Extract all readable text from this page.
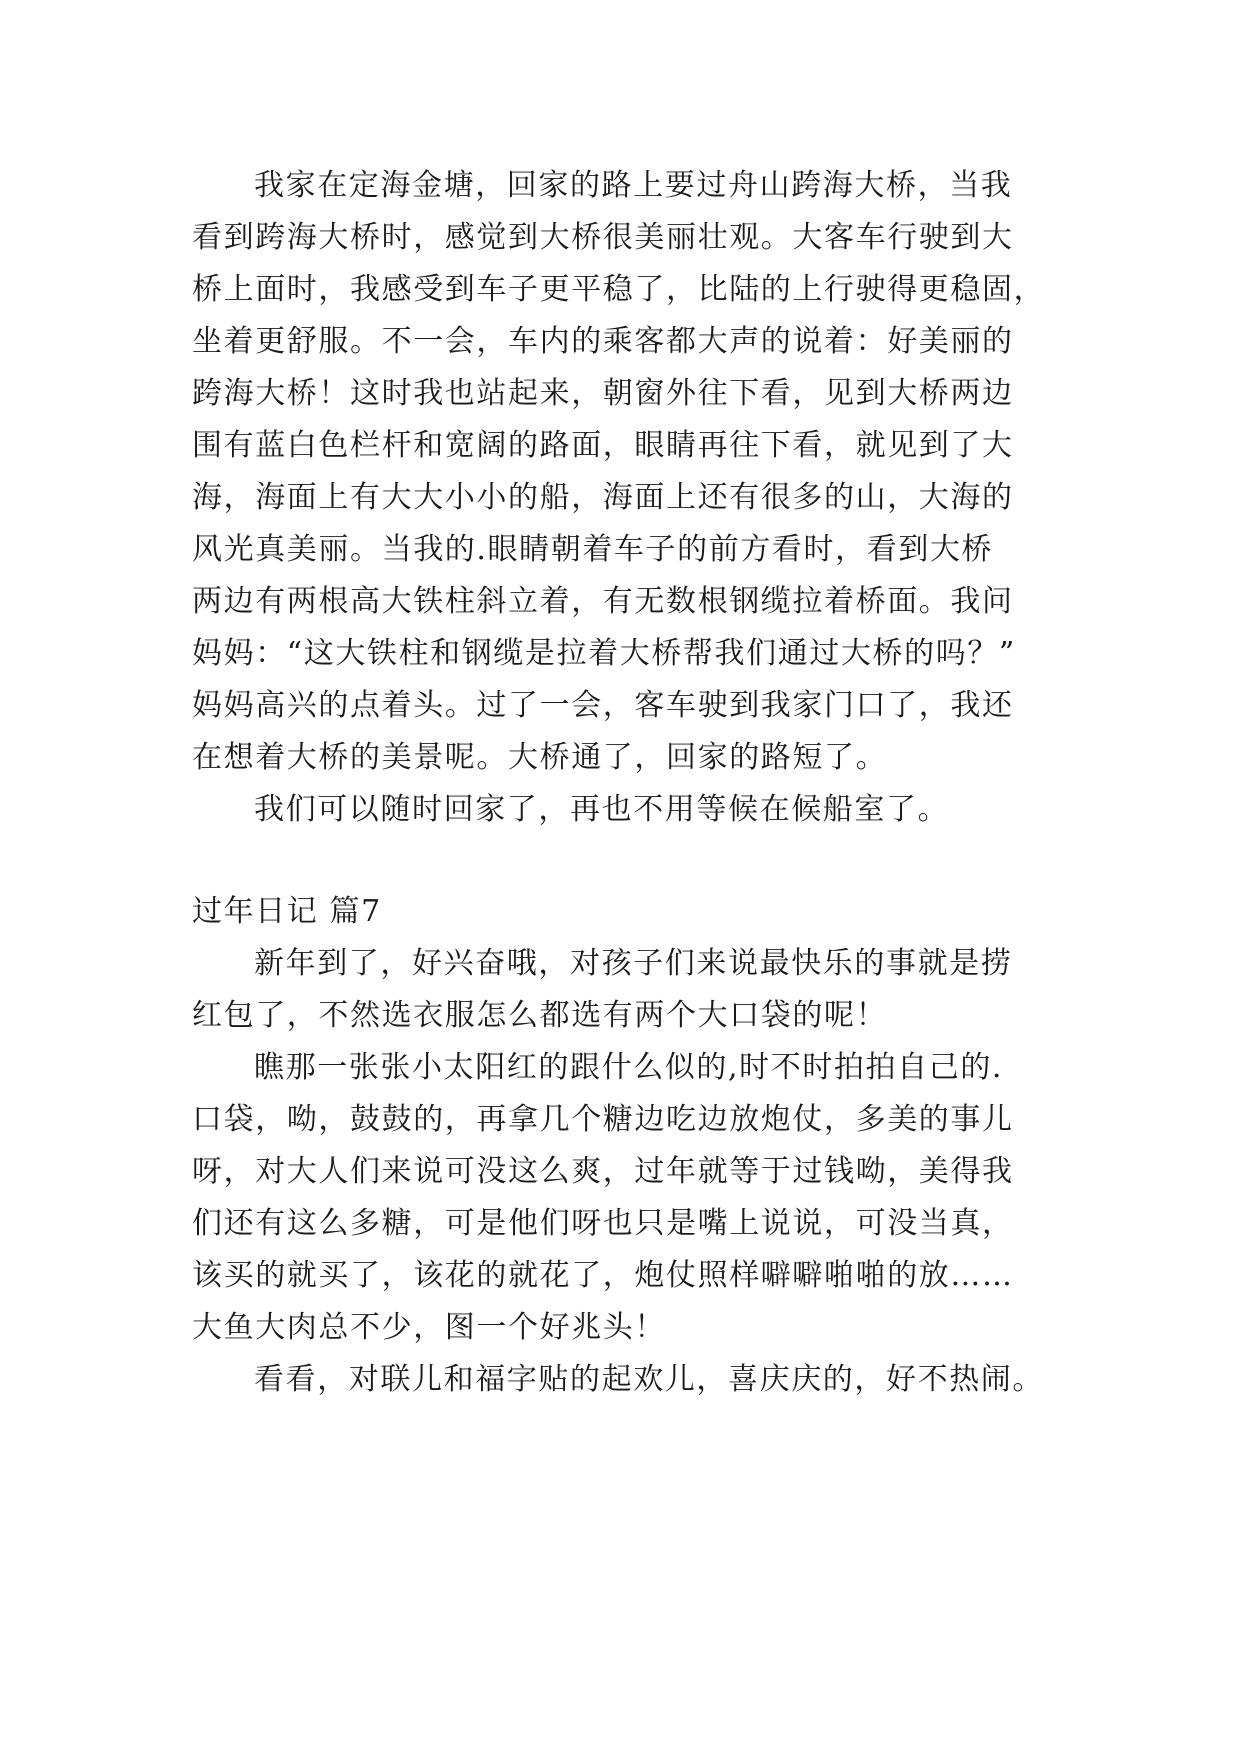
我家在定海金塘，回家的路上要过舟山跨海大桥，当我
看到跨海大桥时，感觉到大桥很美丽壮观。大客车行驶到大
桥上面时，我感受到车子更平稳了，比陆的上行驶得更稳固，
坐着更舒服。不一会，车内的乘客都大声的说着：好美丽的
跨海大桥！这时我也站起来，朝窗外往下看，见到大桥两边
围有蓝白色栏杆和宽阔的路面，眼睛再往下看，就见到了大
海，海面上有大大小小的船，海面上还有很多的山，大海的
风光真美丽。当我的.眼睛朝着车子的前方看时，看到大桥
两边有两根高大铁柱斜立着，有无数根钢缆拉着桥面。我问
妈妈：“这大铁柱和钢缆是拉着大桥帮我们通过大桥的吗？”
妈妈高兴的点着头。过了一会，客车驶到我家门口了，我还
在想着大桥的美景呢。大桥通了，回家的路短了。
我们可以随时回家了，再也不用等候在候船室了。
过年日记 篇7
新年到了，好兴奋哦，对孩子们来说最快乐的事就是捞
红包了，不然选衣服怎么都选有两个大口袋的呢！
瞧那一张张小太阳红的跟什么似的,时不时拍拍自己的.
口袋，呦，鼓鼓的，再拿几个糖边吃边放炮仗，多美的事儿
呀，对大人们来说可没这么爽，过年就等于过钱呦，美得我
们还有这么多糖，可是他们呀也只是嘴上说说，可没当真，
该买的就买了，该花的就花了，炮仗照样噼噼啪啪的放……
大鱼大肉总不少，图一个好兆头！
看看，对联儿和福字贴的起欢儿，喜庆庆的，好不热闹。
